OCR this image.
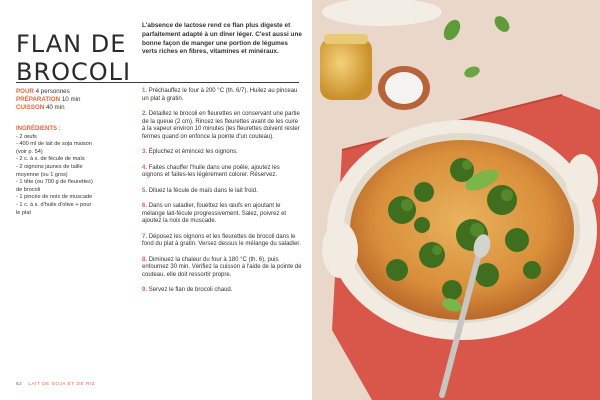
FLAN DE
BROCOLI

L'absence de lactose rend ce flan plus digeste et parfaitement adapté à un dîner léger. C'est aussi une bonne façon de manger une portion de légumes verts riches en fibres, vitamines et minéraux.

POUR 4 personnes
PRÉPARATION 10 min
CUISSON 40 min
INGRÉDIENTS :
- 2 œufs
- 400 ml de lait de soja maison
(voir p. 54)
- 2 c. à s. de fécule de maïs
- 2 oignons jaunes de taille
moyenne (ou 1 gros)
- 1 tête (ou 700 g de fleurettes)
de brocoli
- 1 pincée de noix de muscade
- 1 c. à s. d'huile d'olive + pour
le plat

1. Préchauffez le four à 200 °C (th. 6/7). Huilez au pinceau un plat à gratin.

2. Détaillez le brocoli en fleurettes en conservant une partie de la queue (2 cm). Rincez les fleurettes avant de les cuire à la vapeur environ 10 minutes (les fleurettes doivent rester fermes quand on enfonce la pointe d'un couteau).

3. Épluchez et émincez les oignons.

4. Faites chauffer l'huile dans une poêle, ajoutez les oignons et faites-les légèrement colorer. Réservez.

5. Diluez la fécule de maïs dans le lait froid.

6. Dans un saladier, fouettez les œufs en ajoutant le mélange lait-fécule progressivement. Salez, poivrez et ajoutez la noix de muscade.

7. Déposez les oignons et les fleurettes de brocoli dans le fond du plat à gratin. Versez dessus le mélange du saladier.

8. Diminuez la chaleur du four à 180 °C (th. 6), puis enfournez 30 min. Vérifiez la cuisson à l'aide de la pointe de couteau, elle doit ressortir propre.

9. Servez le flan de brocoli chaud.

62 LAIT DE SOJA ET DE RIZ
